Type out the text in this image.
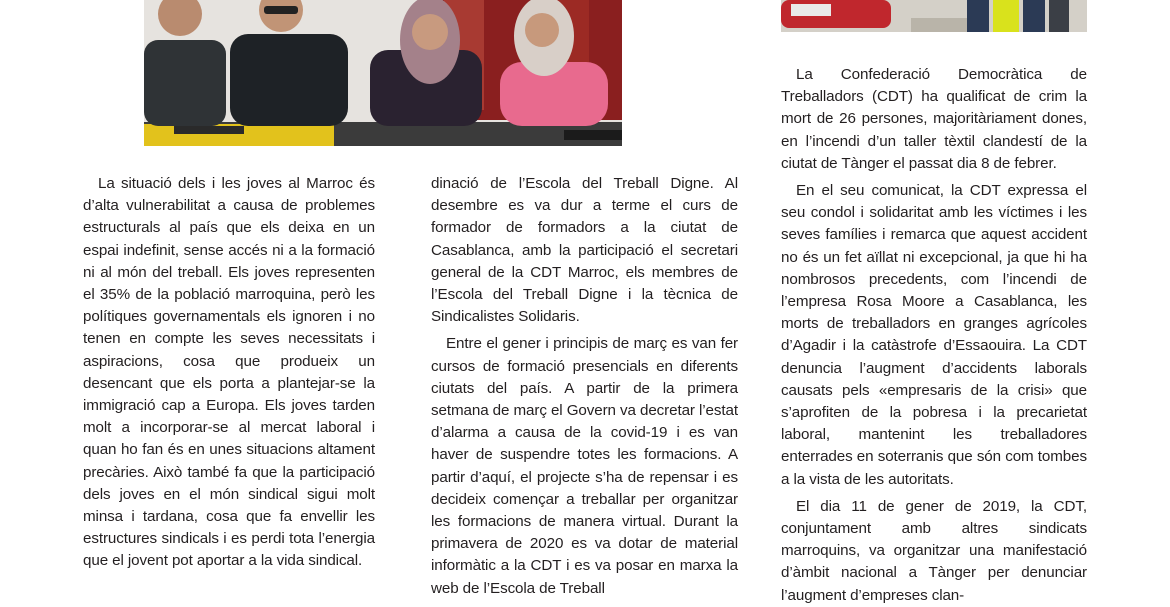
La situació dels i les joves al Marroc és d’alta vulnerabilitat a causa de problemes estructurals al país que els deixa en un espai indefinit, sense accés ni a la formació ni al món del treball. Els joves representen el 35% de la població marroquina, però les polítiques governamentals els ignoren i no tenen en compte les seves necessitats i aspiracions, cosa que produeix un desencant que els porta a plantejar-se la immigració cap a Europa. Els joves tarden molt a incorporar-se al mercat laboral i quan ho fan és en unes situacions altament precàries. Això també fa que la participació dels joves en el món sindical sigui molt minsa i tardana, cosa que fa envellir les estructures sindicals i es perdi tota l’energia que el jovent pot aportar a la vida sindical.

dinació de l’Escola del Treball Digne. Al desembre es va dur a terme el curs de formador de formadors a la ciutat de Casablanca, amb la participació el secretari general de la CDT Marroc, els membres de l’Escola del Treball Digne i la tècnica de Sindicalistes Solidaris.

Entre el gener i principis de març es van fer cursos de formació presencials en diferents ciutats del país. A partir de la primera setmana de març el Govern va decretar l’estat d’alarma a causa de la covid-19 i es van haver de suspendre totes les formacions. A partir d’aquí, el projecte s’ha de repensar i es decideix començar a treballar per organitzar les formacions de manera virtual. Durant la primavera de 2020 es va dotar de material informàtic a la CDT i es va posar en marxa la web de l’Escola de Treball

La Confederació Democràtica de Treballadors (CDT) ha qualificat de crim la mort de 26 persones, majoritàriament dones, en l’incendi d’un taller tèxtil clandestí de la ciutat de Tànger el passat dia 8 de febrer.

En el seu comunicat, la CDT expressa el seu condol i solidaritat amb les víctimes i les seves famílies i remarca que aquest accident no és un fet aïllat ni excepcional, ja que hi ha nombrosos precedents, com l’incendi de l’empresa Rosa Moore a Casablanca, les morts de treballadors en granges agrícoles d’Agadir i la catàstrofe d’Essaouira. La CDT denuncia l’augment d’accidents laborals causats pels «empresaris de la crisi» que s’aprofiten de la pobresa i la precarietat laboral, mantenint les treballadores enterrades en soterranis que són com tombes a la vista de les autoritats.

El dia 11 de gener de 2019, la CDT, conjuntament amb altres sindicats marroquins, va organitzar una manifestació d’àmbit nacional a Tànger per denunciar l’augment d’empreses clan-
